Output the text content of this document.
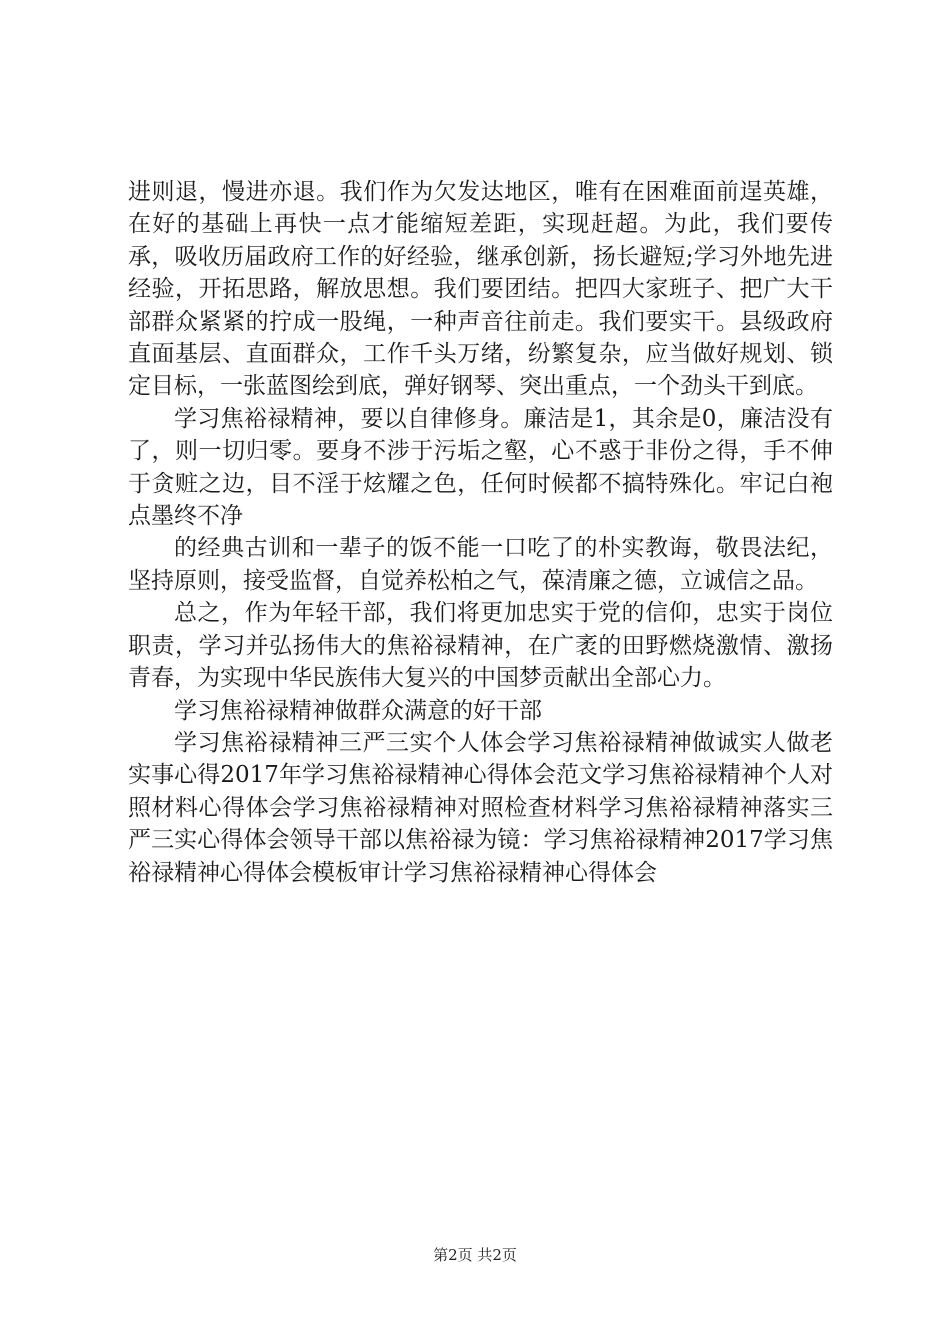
进则退，慢进亦退。我们作为欠发达地区，唯有在困难面前逞英雄，在好的基础上再快一点才能缩短差距，实现赶超。为此，我们要传承，吸收历届政府工作的好经验，继承创新，扬长避短;学习外地先进经验，开拓思路，解放思想。我们要团结。把四大家班子、把广大干部群众紧紧的拧成一股绳，一种声音往前走。我们要实干。县级政府直面基层、直面群众，工作千头万绪，纷繁复杂，应当做好规划、锁定目标，一张蓝图绘到底，弹好钢琴、突出重点，一个劲头干到底。

学习焦裕禄精神，要以自律修身。廉洁是1，其余是0，廉洁没有了，则一切归零。要身不涉于污垢之壑，心不惑于非份之得，手不伸于贪赃之边，目不淫于炫耀之色，任何时候都不搞特殊化。牢记白袍点墨终不净

的经典古训和一辈子的饭不能一口吃了的朴实教诲，敬畏法纪，坚持原则，接受监督，自觉养松柏之气，葆清廉之德，立诚信之品。

总之，作为年轻干部，我们将更加忠实于党的信仰，忠实于岗位职责，学习并弘扬伟大的焦裕禄精神，在广袤的田野燃烧激情、激扬青春，为实现中华民族伟大复兴的中国梦贡献出全部心力。

学习焦裕禄精神做群众满意的好干部

学习焦裕禄精神三严三实个人体会学习焦裕禄精神做诚实人做老实事心得2017年学习焦裕禄精神心得体会范文学习焦裕禄精神个人对照材料心得体会学习焦裕禄精神对照检查材料学习焦裕禄精神落实三严三实心得体会领导干部以焦裕禄为镜：学习焦裕禄精神2017学习焦裕禄精神心得体会模板审计学习焦裕禄精神心得体会

第2页 共2页
